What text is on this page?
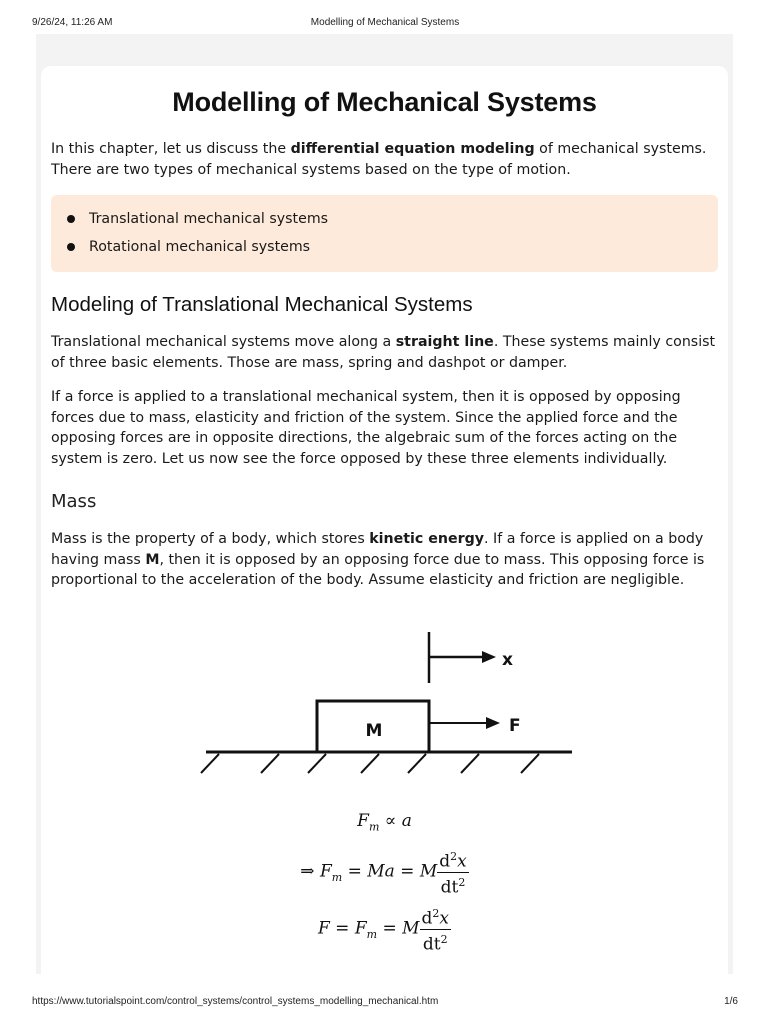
9/26/24, 11:26 AM	Modelling of Mechanical Systems
Modelling of Mechanical Systems

In this chapter, let us discuss the differential equation modeling of mechanical systems. There are two types of mechanical systems based on the type of motion.

Translational mechanical systems
Rotational mechanical systems
Modeling of Translational Mechanical Systems

Translational mechanical systems move along a straight line. These systems mainly consist of three basic elements. Those are mass, spring and dashpot or damper.

If a force is applied to a translational mechanical system, then it is opposed by opposing forces due to mass, elasticity and friction of the system. Since the applied force and the opposing forces are in opposite directions, the algebraic sum of the forces acting on the system is zero. Let us now see the force opposed by these three elements individually.

Mass

Mass is the property of a body, which stores kinetic energy. If a force is applied on a body having mass M, then it is opposed by an opposing force due to mass. This opposing force is proportional to the acceleration of the body. Assume elasticity and friction are negligible.

M
x
F
$F_m \propto a$
⇒ $F_m = Ma = M \frac{d^2x}{dt^2}$
$F = F_m = M \frac{d^2x}{dt^2}$
https://www.tutorialspoint.com/control_systems/control_systems_modelling_mechanical.htm	1/6
